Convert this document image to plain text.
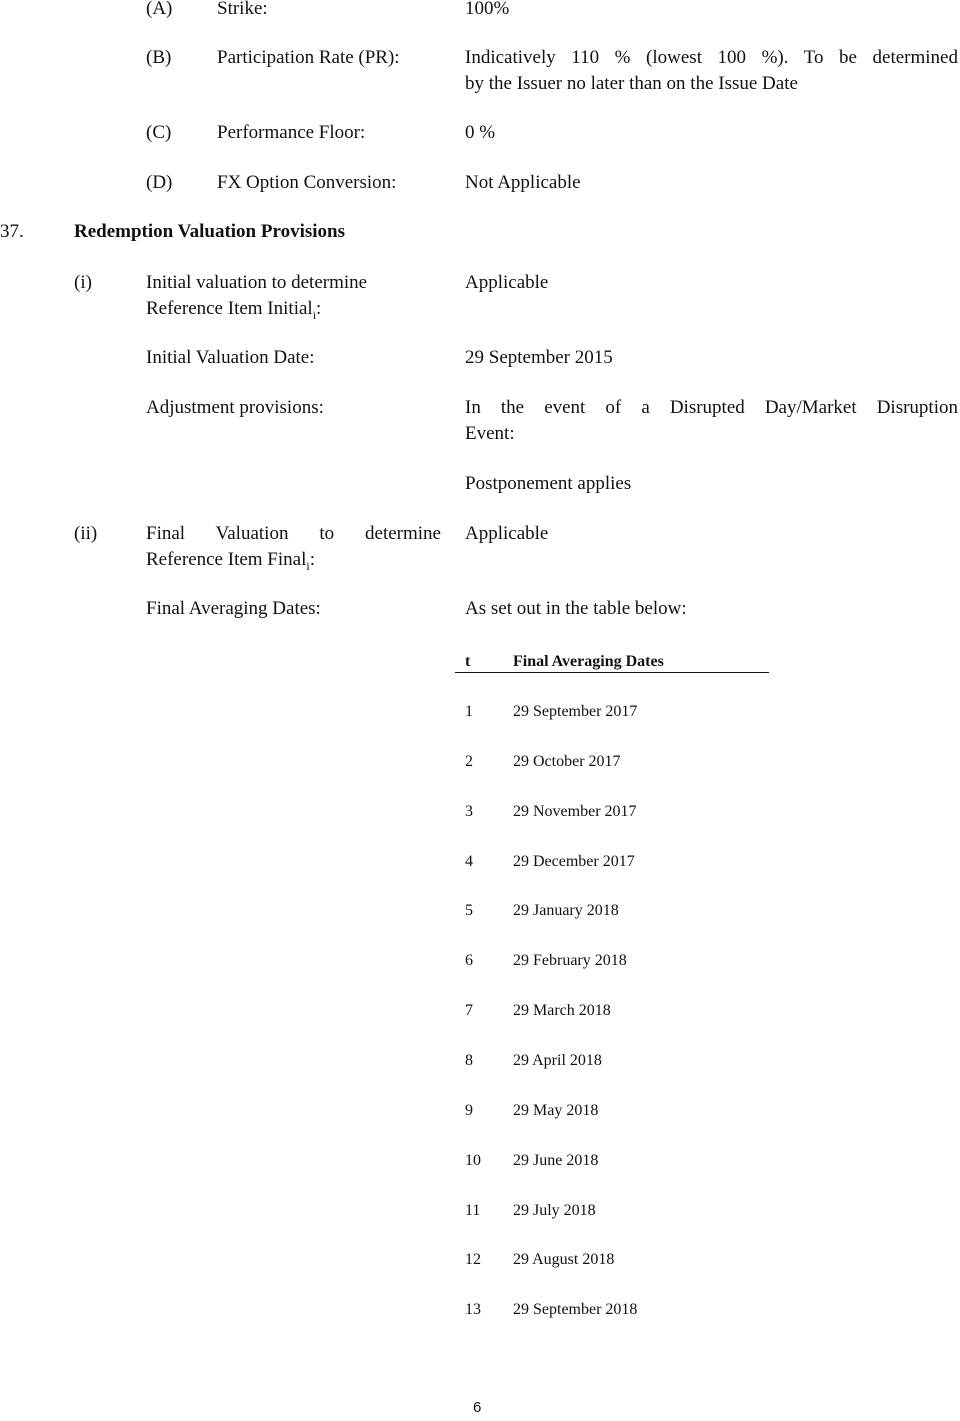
(A) Strike:	100%
(B) Participation Rate (PR):	Indicatively 110 % (lowest 100 %). To be determined
by the Issuer no later than on the Issue Date
(C) Performance Floor:	0 %
(D) FX Option Conversion:	Not Applicable
37.	Redemption Valuation Provisions
(i)	Initial valuation to determine
Reference Item Initial$_i$:
Applicable
Initial Valuation Date:	29 September 2015
Adjustment provisions:	In the event of a Disrupted Day/Market Disruption
Event:
Postponement applies
(ii)	Final Valuation to determine
Reference Item Final$_i$:
Applicable
Final Averaging Dates:	As set out in the table below:
t	Final Averaging Dates
1	29 September 2017
2	29 October 2017
3	29 November 2017
4	29 December 2017
5	29 January 2018
6	29 February 2018
7	29 March 2018
8	29 April 2018
9	29 May 2018
10 29 June 2018
11 29 July 2018
12 29 August 2018
13 29 September 2018
6
